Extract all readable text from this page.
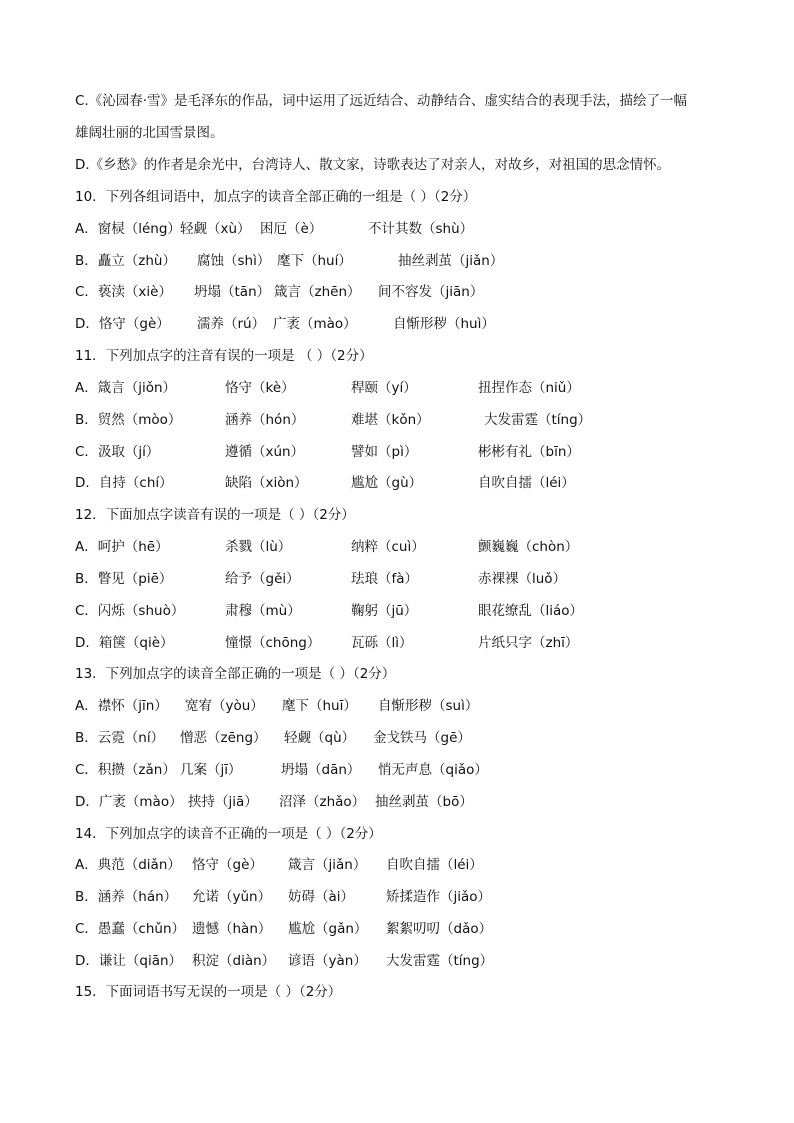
C.《沁园春·雪》是毛泽东的作品，词中运用了远近结合、动静结合、虚实结合的表现手法，描绘了一幅
雄阔壮丽的北国雪景图。
D.《乡愁》的作者是余光中，台湾诗人、散文家，诗歌表达了对亲人，对故乡，对祖国的思念情怀。
10．下列各组词语中，加点字的读音全部正确的一组是（ ）（2分）
A．窗棂（léng） 轻觑（xù） 困厄（è）	不计其数（shù）
B．矗立（zhù） 腐蚀（shì） 麾下（huí）	抽丝剥茧（jiǎn）
C．亵渎（xiè） 坍塌（tān） 箴言（zhēn） 间不容发（jiān）
D．恪守（gè） 濡养（rú） 广袤（mào）	自惭形秽（huì）
11．下列加点字的注音有误的一项是 （ ）（2分）
A．箴言（jiǒn）	恪守（kè）	稈颐（yí）	扭捏作态（niǔ）
B．贸然（mòo）	涵养（hón）	难堪（kǒn）	大发雷霆（tíng）
C．汲取（jí）	遵循（xún）	譬如（pì）	彬彬有礼（bīn）
D．自持（chí）	缺陷（xiòn）	尴尬（gù）	自吹自擂（léi）
12．下面加点字读音有误的一项是（ ）（2分）
A．呵护（hē）	杀戮（lù）	纳粹（cuì）	颤巍巍（chòn）
B．瞥见（piē）	给予（gěi）	珐琅（fà）	赤裸裸（luǒ）
C．闪烁（shuò）	肃穆（mù）	鞠躬（jū）	眼花缭乱（liáo）
D．箱箧（qiè）	憧憬（chōng） 瓦砾（lì）	片纸只字（zhī）
13．下列加点字的读音全部正确的一项是（ ）（2分）
A．襟怀（jīn） 宽宥（yòu） 麾下（huī） 自惭形秽（suì）
B．云霓（ní） 憎恶（zēng） 轻觑（qù） 金戈铁马（gē）
C．积攒（zǎn） 几案（jī）	坍塌（dān） 悄无声息（qiǎo）
D．广袤（mào） 挟持（jiā） 沼泽（zhǎo） 抽丝剥茧（bō）
14．下列加点字的读音不正确的一项是（ ）（2分）
A．典范（diǎn） 恪守（gè） 箴言（jiǎn） 自吹自擂（léi）
B．涵养（hán） 允诺（yǔn） 妨碍（ài） 矫揉造作（jiǎo）
C．愚蠢（chǔn） 遗憾（hàn） 尴尬（gǎn） 絮絮叨叨（dǎo）
D．谦让（qiān） 积淀（diàn） 谚语（yàn） 大发雷霆（tíng）
15．下面词语书写无误的一项是（ ）（2分）
